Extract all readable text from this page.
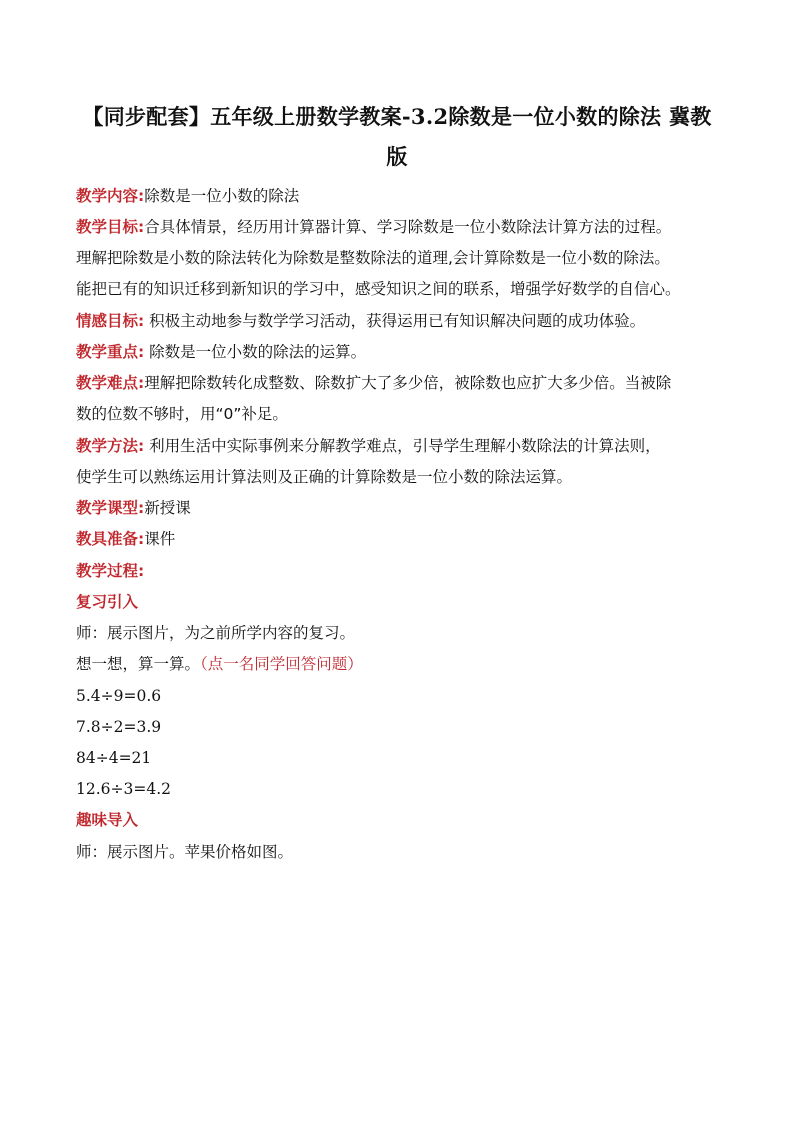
【同步配套】五年级上册数学教案-3.2除数是一位小数的除法 冀教
版
教学内容:除数是一位小数的除法
教学目标:合具体情景，经历用计算器计算、学习除数是一位小数除法计算方法的过程。
理解把除数是小数的除法转化为除数是整数除法的道理,会计算除数是一位小数的除法。
能把已有的知识迁移到新知识的学习中，感受知识之间的联系，增强学好数学的自信心。
情感目标: 积极主动地参与数学学习活动，获得运用已有知识解决问题的成功体验。
教学重点: 除数是一位小数的除法的运算。
教学难点:理解把除数转化成整数、除数扩大了多少倍，被除数也应扩大多少倍。当被除
数的位数不够时，用“0”补足。
教学方法: 利用生活中实际事例来分解教学难点，引导学生理解小数除法的计算法则，
使学生可以熟练运用计算法则及正确的计算除数是一位小数的除法运算。
教学课型:新授课
教具准备:课件
教学过程:
复习引入
师：展示图片，为之前所学内容的复习。
想一想，算一算。（点一名同学回答问题）
5.4÷9=0.6
7.8÷2=3.9
84÷4=21
12.6÷3=4.2
趣味导入
师：展示图片。苹果价格如图。
